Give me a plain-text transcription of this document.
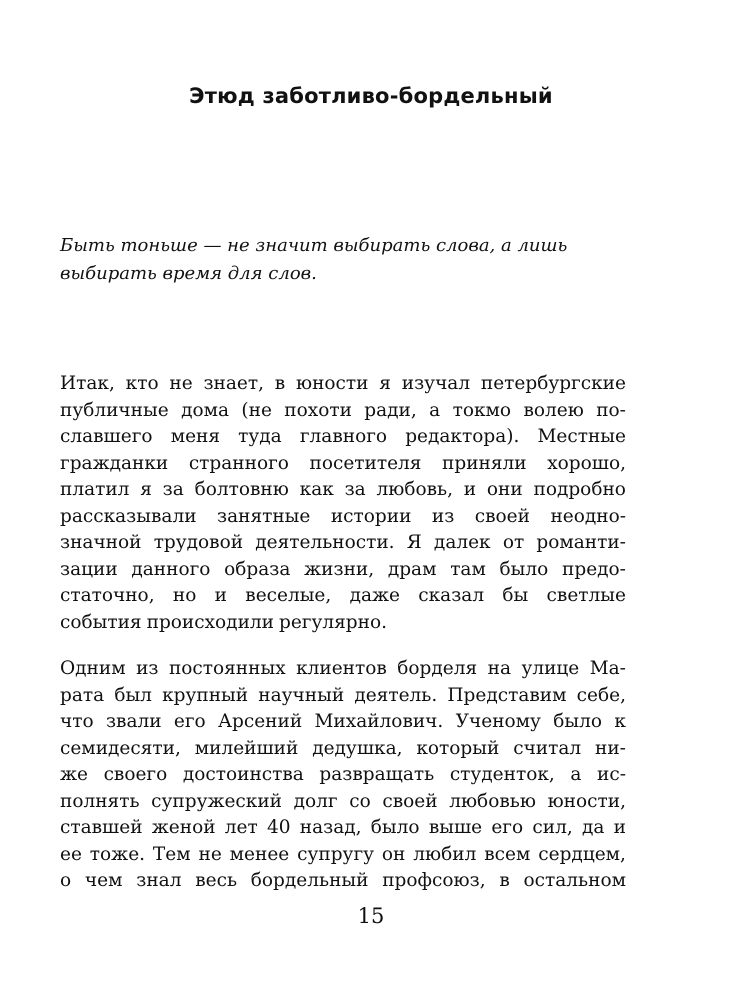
Этюд заботливо-бордельный
Быть тоньше — не значит выбирать слова, а лишь
выбирать время для слов.
Итак, кто не знает, в юности я изучал петербургские
публичные дома (не похоти ради, а токмо волею по-
славшего меня туда главного редактора). Местные
гражданки странного посетителя приняли хорошо,
платил я за болтовню как за любовь, и они подробно
рассказывали занятные истории из своей неодно-
значной трудовой деятельности. Я далек от романти-
зации данного образа жизни, драм там было предо-
статочно, но и веселые, даже сказал бы светлые
события происходили регулярно.
Одним из постоянных клиентов борделя на улице Ма-
рата был крупный научный деятель. Представим себе,
что звали его Арсений Михайлович. Ученому было к
семидесяти, милейший дедушка, который считал ни-
же своего достоинства развращать студенток, а ис-
полнять супружеский долг со своей любовью юности,
ставшей женой лет 40 назад, было выше его сил, да и
ее тоже. Тем не менее супругу он любил всем сердцем,
о чем знал весь бордельный профсоюз, в остальном
15
